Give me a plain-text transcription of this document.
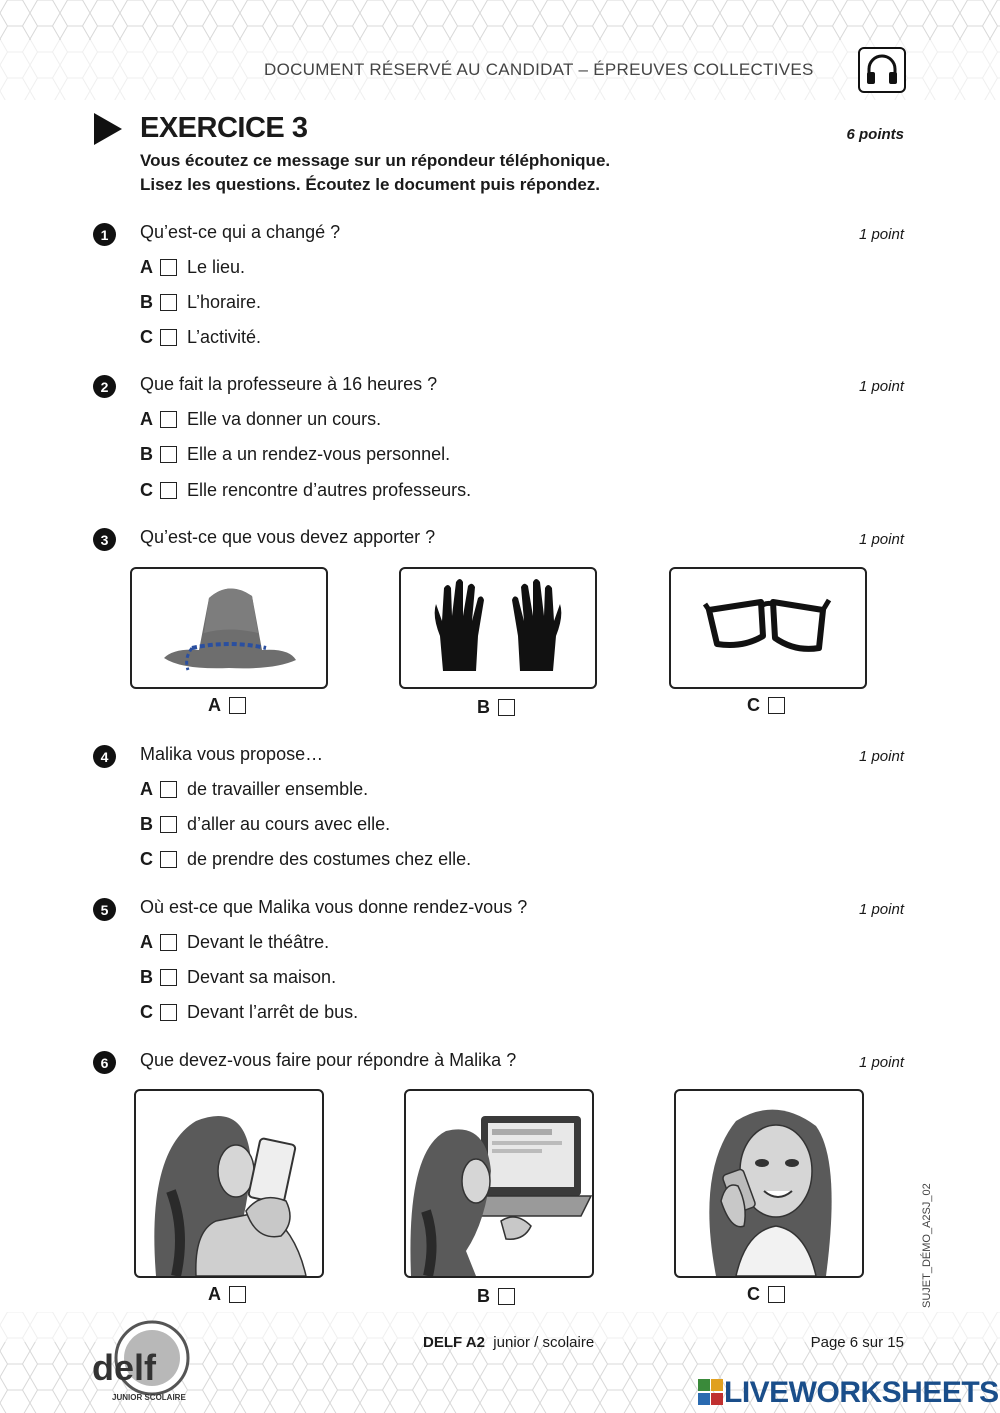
DOCUMENT RÉSERVÉ AU CANDIDAT – ÉPREUVES COLLECTIVES
EXERCICE 3	6 points
Vous écoutez ce message sur un répondeur téléphonique.
Lisez les questions. Écoutez le document puis répondez.
1	Qu’est-ce qui a changé ?	1 point
A	Le lieu.
B	L’horaire.
C	L’activité.
2	Que fait la professeure à 16 heures ?	1 point
A	Elle va donner un cours.
B	Elle a un rendez-vous personnel.
C	Elle rencontre d’autres professeurs.
3	Qu’est-ce que vous devez apporter ?	1 point
A	B	C
4	Malika vous propose…	1 point
A	de travailler ensemble.
B	d’aller au cours avec elle.
C	de prendre des costumes chez elle.
5	Où est-ce que Malika vous donne rendez-vous ?	1 point
A	Devant le théâtre.
B	Devant sa maison.
C	Devant l’arrêt de bus.
6	Que devez-vous faire pour répondre à Malika ?	1 point
A	B	C	SUJET_DÉMO_A2SJ_02
DELF A2 junior / scolaire	Page 6 sur 15
delf
JUNIOR SCOLAIRE	LIVEWORKSHEETS
